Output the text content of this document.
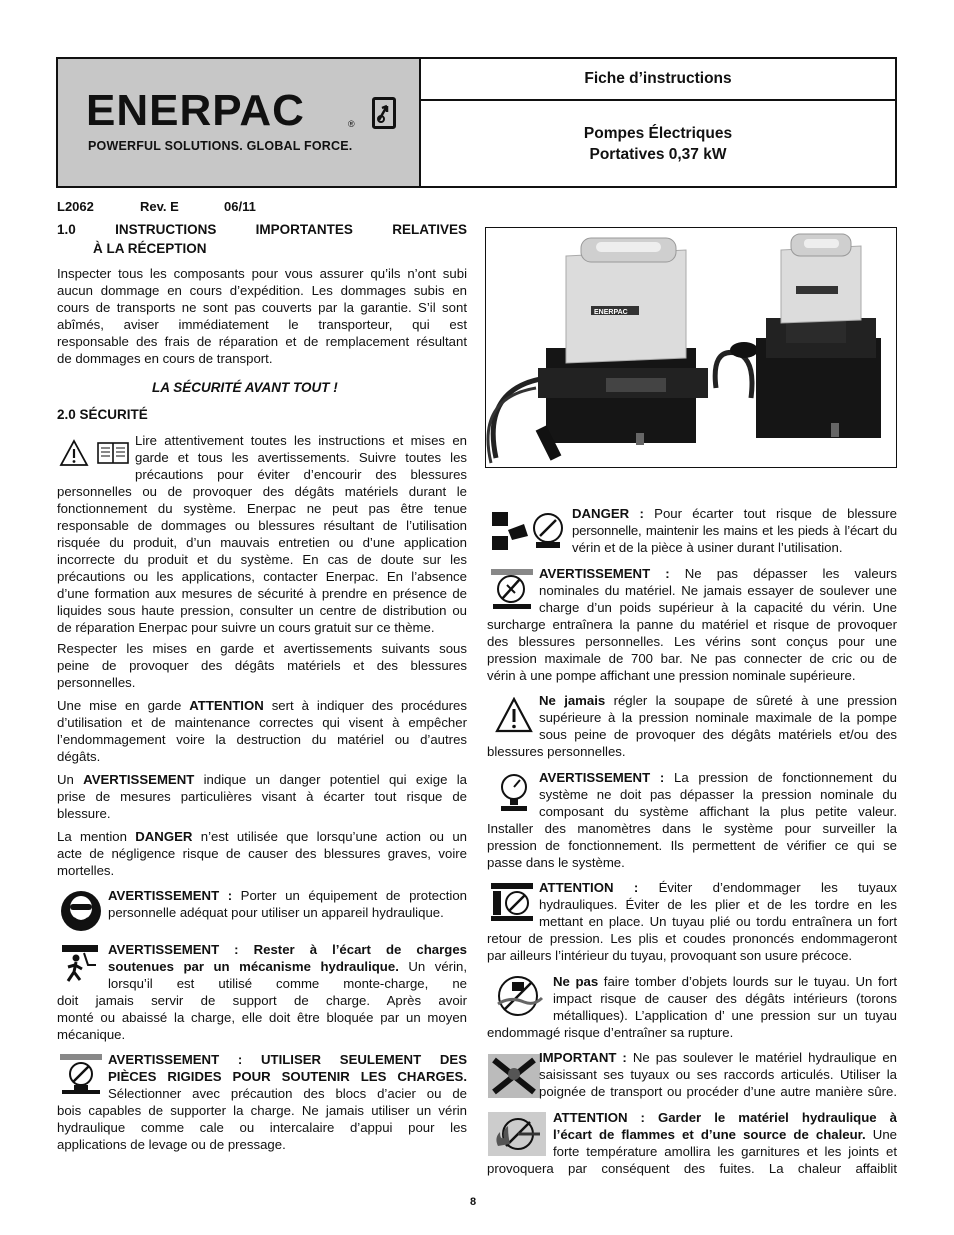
ENERPAC	®
POWERFUL SOLUTIONS. GLOBAL FORCE.
Fiche d’instructions
Pompes Électriques
Portatives 0,37 kW
L2062	Rev. E	06/11
1.0 INSTRUCTIONS IMPORTANTES RELATIVES
À LA RÉCEPTION
Inspecter tous les composants pour vous assurer qu’ils n’ont subi
aucun dommage en cours d’expédition. Les dommages subis en
cours de transports ne sont pas couverts par la garantie. S’il sont
abîmés, aviser immédiatement le transporteur, qui est
responsable des frais de réparation et de remplacement résultant
de dommages en cours de transport.
LA SÉCURITÉ AVANT TOUT !
2.0 SÉCURITÉ
Lire attentivement toutes les instructions et mises en
garde et tous les avertissements. Suivre toutes les
précautions pour éviter d’encourir des blessures
personnelles ou de provoquer des dégâts matériels durant le
fonctionnement du système. Enerpac ne peut pas être tenue
responsable de dommages ou blessures résultant de l’utilisation
risquée du produit, d’un mauvais entretien ou d’une application
incorrecte du produit et du système. En cas de doute sur les
précautions ou les applications, contacter Enerpac. En l’absence
d’une formation aux mesures de sécurité à prendre en présence de
liquides sous haute pression, consulter un centre de distribution ou
de réparation Enerpac pour suivre un cours gratuit sur ce thème.
Respecter les mises en garde et avertissements suivants sous
peine de provoquer des dégâts matériels et des blessures
personnelles.
Une mise en garde ATTENTION sert à indiquer des procédures
d’utilisation et de maintenance correctes qui visent à empêcher
l’endommagement voire la destruction du matériel ou d’autres
dégâts.
Un AVERTISSEMENT indique un danger potentiel qui exige la
prise de mesures particulières visant à écarter tout risque de
blessure.
La mention DANGER n’est utilisée que lorsqu’une action ou un
acte de négligence risque de causer des blessures graves, voire
mortelles.
AVERTISSEMENT : Porter un équipement de protection
personnelle adéquat pour utiliser un appareil hydraulique.
AVERTISSEMENT : Rester à l’écart de charges
soutenues par un mécanisme hydraulique. Un vérin,
lorsqu’il est utilisé comme monte-charge, ne
doit jamais servir de support de charge. Après avoir
monté ou abaissé la charge, elle doit être bloquée par un moyen
mécanique.
AVERTISSEMENT : UTILISER SEULEMENT DES
PIÈCES RIGIDES POUR SOUTENIR LES CHARGES.
Sélectionner avec précaution des blocs d’acier ou de
bois capables de supporter la charge. Ne jamais utiliser un vérin
hydraulique comme cale ou intercalaire d’appui pour les
applications de levage ou de pressage.
ENERPAC
DANGER : Pour écarter tout risque de blessure
personnelle, maintenir les mains et les pieds à l’écart du
vérin et de la pièce à usiner durant l’utilisation.
AVERTISSEMENT : Ne pas dépasser les valeurs
nominales du matériel. Ne jamais essayer de soulever une
charge d’un poids supérieur à la capacité du vérin. Une
surcharge entraînera la panne du matériel et risque de provoquer
des blessures personnelles. Les vérins sont conçus pour une
pression maximale de 700 bar. Ne pas connecter de cric ou de
vérin à une pompe affichant une pression nominale supérieure.
Ne jamais régler la soupape de sûreté à une pression
supérieure à la pression nominale maximale de la pompe
sous peine de provoquer des dégâts matériels et/ou des
blessures personnelles.
AVERTISSEMENT : La pression de fonctionnement du
système ne doit pas dépasser la pression nominale du
composant du système affichant la plus petite valeur.
Installer des manomètres dans le système pour surveiller la
pression de fonctionnement. Ils permettent de vérifier ce qui se
passe dans le système.
ATTENTION : Éviter d’endommager les tuyaux
hydrauliques. Éviter de les plier et de les tordre en les
mettant en place. Un tuyau plié ou tordu entraînera un fort
retour de pression. Les plis et coudes prononcés endommageront
par ailleurs l’intérieur du tuyau, provoquant son usure précoce.
Ne pas faire tomber d’objets lourds sur le tuyau. Un fort
impact risque de causer des dégâts intérieurs (torons
métalliques). L’application d’ une pression sur un tuyau
endommagé risque d’entraîner sa rupture.
IMPORTANT : Ne pas soulever le matériel hydraulique en
saisissant ses tuyaux ou ses raccords articulés. Utiliser la
poignée de transport ou procéder d’une autre manière sûre.
ATTENTION : Garder le matériel hydraulique à
l’écart de flammes et d’une source de chaleur. Une
forte température amollira les garnitures et les joints et
provoquera par conséquent des fuites. La chaleur affaiblit
8
